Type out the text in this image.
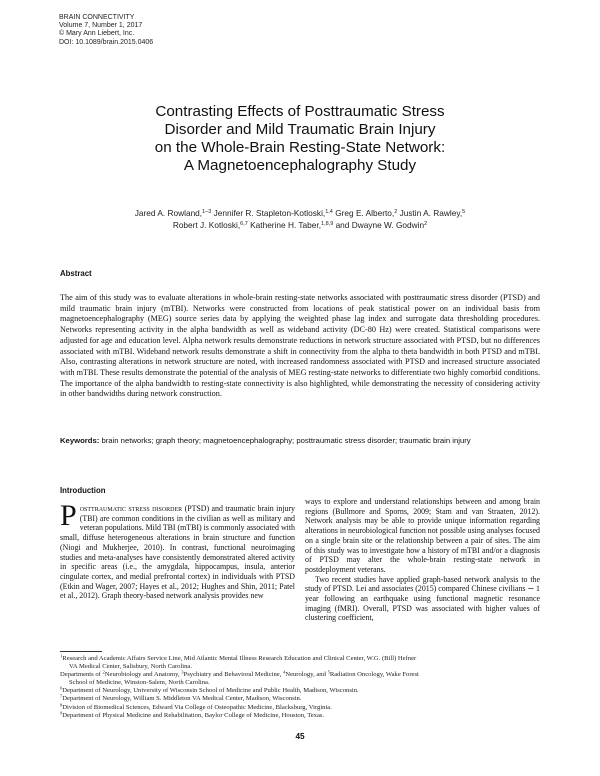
BRAIN CONNECTIVITY
Volume 7, Number 1, 2017
© Mary Ann Liebert, Inc.
DOI: 10.1089/brain.2015.0406
Contrasting Effects of Posttraumatic Stress
Disorder and Mild Traumatic Brain Injury
on the Whole-Brain Resting-State Network:
A Magnetoencephalography Study
Jared A. Rowland,$^{1-3}$ Jennifer R. Stapleton-Kotloski,$^{1,4}$ Greg E. Alberto,$^2$ Justin A. Rawley,$^5$
Robert J. Kotloski,$^{6,7}$ Katherine H. Taber,$^{1,8,9}$ and Dwayne W. Godwin$^2$
Abstract
The aim of this study was to evaluate alterations in whole-brain resting-state networks associated with posttraumatic stress disorder (PTSD) and mild traumatic brain injury (mTBI). Networks were constructed from locations of peak statistical power on an individual basis from magnetoencephalography (MEG) source series data by applying the weighted phase lag index and surrogate data thresholding procedures. Networks representing activity in the alpha bandwidth as well as wideband activity (DC-80 Hz) were created. Statistical comparisons were adjusted for age and education level. Alpha network results demonstrate reductions in network structure associated with PTSD, but no differences associated with mTBI. Wideband network results demonstrate a shift in connectivity from the alpha to theta bandwidth in both PTSD and mTBI. Also, contrasting alterations in network structure are noted, with increased randomness associated with PTSD and increased structure associated with mTBI. These results demonstrate the potential of the analysis of MEG resting-state networks to differentiate two highly comorbid conditions. The importance of the alpha bandwidth to resting-state connectivity is also highlighted, while demonstrating the necessity of considering activity in other bandwidths during network construction.
Keywords: brain networks; graph theory; magnetoencephalography; posttraumatic stress disorder; traumatic brain injury
Introduction

Posttraumatic stress disorder (PTSD) and traumatic brain injury (TBI) are common conditions in the civilian as well as military and veteran populations. Mild TBI (mTBI) is commonly associated with small, diffuse heterogeneous alterations in brain structure and function (Niogi and Mukherjee, 2010). In contrast, functional neuroimaging studies and meta-analyses have consistently demonstrated altered activity in specific areas (i.e., the amygdala, hippocampus, insula, anterior cingulate cortex, and medial prefrontal cortex) in individuals with PTSD (Etkin and Wager, 2007; Hayes et al., 2012; Hughes and Shin, 2011; Patel et al., 2012). Graph theory-based network analysis provides new

ways to explore and understand relationships between and among brain regions (Bullmore and Sporns, 2009; Stam and van Straaten, 2012). Network analysis may be able to provide unique information regarding alterations in neurobiological function not possible using analyses focused on a single brain site or the relationship between a pair of sites. The aim of this study was to investigate how a history of mTBI and/or a diagnosis of PTSD may alter the whole-brain resting-state network in postdeployment veterans.

Two recent studies have applied graph-based network analysis to the study of PTSD. Lei and associates (2015) compared Chinese civilians ∼ 1 year following an earthquake using functional magnetic resonance imaging (fMRI). Overall, PTSD was associated with higher values of clustering coefficient,

$^1$Research and Academic Affairs Service Line, Mid Atlantic Mental Illness Research Education and Clinical Center, W.G. (Bill) Hefner
VA Medical Center, Salisbury, North Carolina.
Departments of $^2$Neurobiology and Anatomy, $^3$Psychiatry and Behavioral Medicine, $^4$Neurology, and $^5$Radiation Oncology, Wake Forest
School of Medicine, Winston-Salem, North Carolina.
$^6$Department of Neurology, University of Wisconsin School of Medicine and Public Health, Madison, Wisconsin.
$^7$Department of Neurology, William S. Middleton VA Medical Center, Madison, Wisconsin.
$^8$Division of Biomedical Sciences, Edward Via College of Osteopathic Medicine, Blacksburg, Virginia.
$^9$Department of Physical Medicine and Rehabilitation, Baylor College of Medicine, Houston, Texas.
45
